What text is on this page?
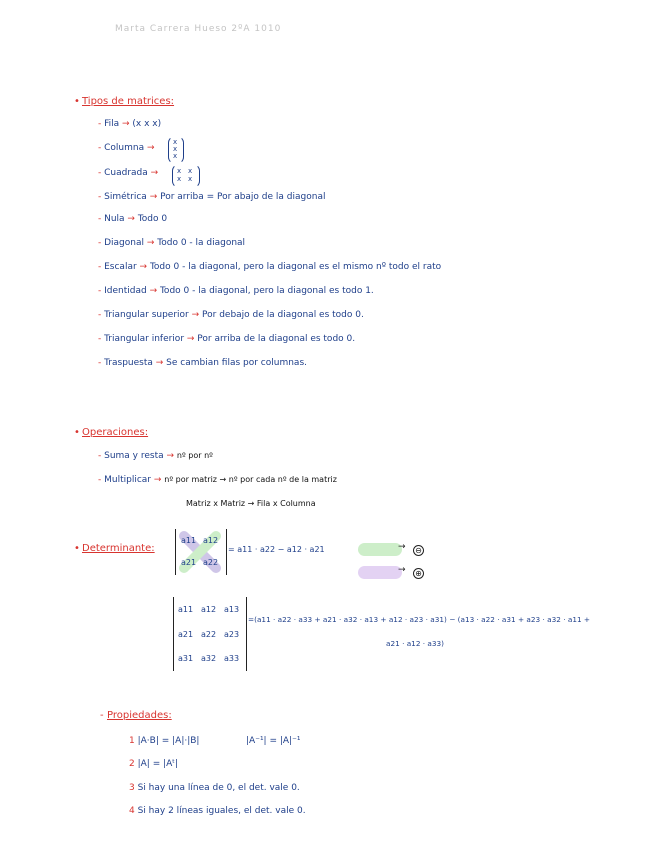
Marta Carrera Hueso 2ºA 1010
• Tipos de matrices:
- Fila → (x x x)
- Columna →
- Cuadrada →
- Simétrica → Por arriba = Por abajo de la diagonal
- Nula → Todo 0
- Diagonal → Todo 0 - la diagonal
- Escalar → Todo 0 - la diagonal, pero la diagonal es el mismo nº todo el rato
- Identidad → Todo 0 - la diagonal, pero la diagonal es todo 1.
- Triangular superior → Por debajo de la diagonal es todo 0.
- Triangular inferior → Por arriba de la diagonal es todo 0.
- Traspuesta → Se cambian filas por columnas.
x
x
x
x x
x x
• Operaciones:
- Suma y resta → nº por nº
- Multiplicar → nº por matriz → nº por cada nº de la matriz
Matriz x Matriz → Fila x Columna
• Determinante:
a11 a12
a21 a22
= a11 · a22 − a12 · a21	→ ⊖
→ ⊕
a11 a12 a13
a21 a22 a23
a31 a32 a33
=(a11 · a22 · a33 + a21 · a32 · a13 + a12 · a23 · a31) − (a13 · a22 · a31 + a23 · a32 · a11 +
a21 · a12 · a33)
- Propiedades:
1 |A·B| = |A|·|B|	|A⁻¹| = |A|⁻¹
2 |A| = |Aᵗ|
3 Si hay una línea de 0, el det. vale 0.
4 Si hay 2 líneas iguales, el det. vale 0.
